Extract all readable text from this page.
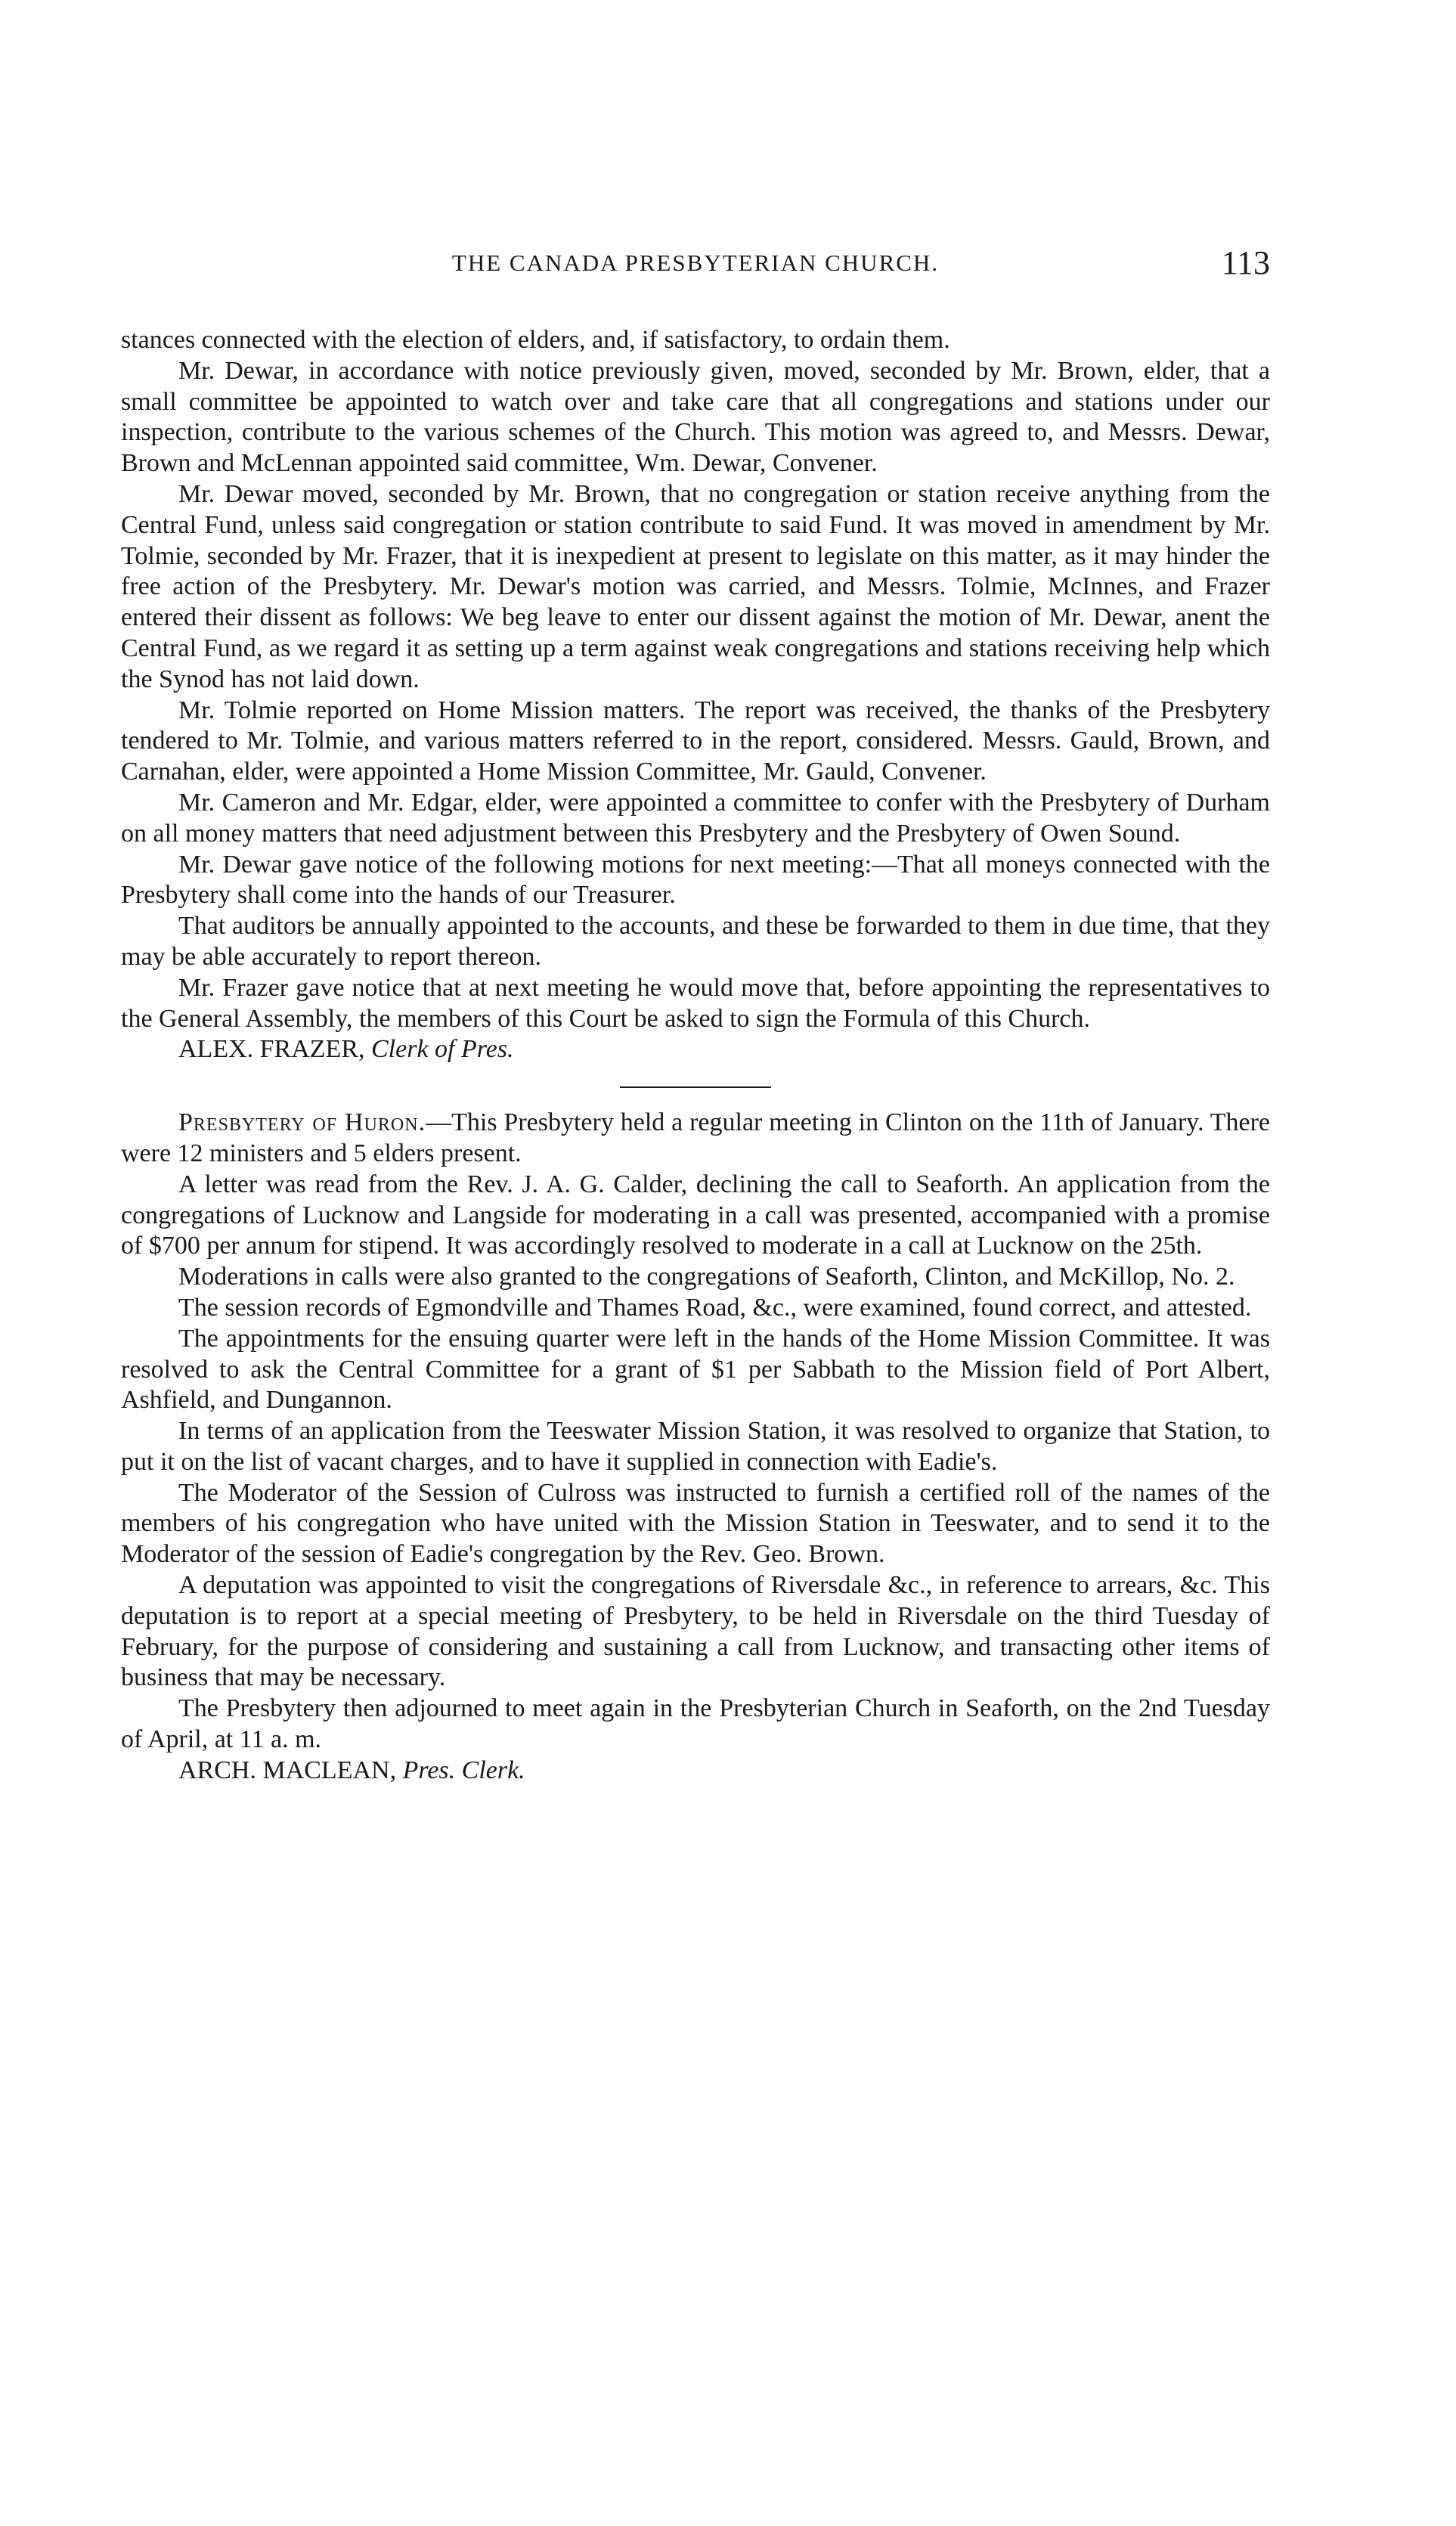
THE CANADA PRESBYTERIAN CHURCH.	113

stances connected with the election of elders, and, if satisfactory, to ordain them.

Mr. Dewar, in accordance with notice previously given, moved, seconded by Mr. Brown, elder, that a small committee be appointed to watch over and take care that all congregations and stations under our inspection, contribute to the various schemes of the Church. This motion was agreed to, and Messrs. Dewar, Brown and McLennan appointed said committee, Wm. Dewar, Convener.

Mr. Dewar moved, seconded by Mr. Brown, that no congregation or station receive anything from the Central Fund, unless said congregation or station contribute to said Fund. It was moved in amendment by Mr. Tolmie, seconded by Mr. Frazer, that it is inexpedient at present to legislate on this matter, as it may hinder the free action of the Presbytery. Mr. Dewar's motion was carried, and Messrs. Tolmie, McInnes, and Frazer entered their dissent as follows: We beg leave to enter our dissent against the motion of Mr. Dewar, anent the Central Fund, as we regard it as setting up a term against weak congregations and stations receiving help which the Synod has not laid down.

Mr. Tolmie reported on Home Mission matters. The report was received, the thanks of the Presbytery tendered to Mr. Tolmie, and various matters referred to in the report, considered. Messrs. Gauld, Brown, and Carnahan, elder, were appointed a Home Mission Committee, Mr. Gauld, Convener.

Mr. Cameron and Mr. Edgar, elder, were appointed a committee to confer with the Presbytery of Durham on all money matters that need adjustment between this Presbytery and the Presbytery of Owen Sound.

Mr. Dewar gave notice of the following motions for next meeting:—That all moneys connected with the Presbytery shall come into the hands of our Treasurer.

That auditors be annually appointed to the accounts, and these be forwarded to them in due time, that they may be able accurately to report thereon.

Mr. Frazer gave notice that at next meeting he would move that, before appointing the representatives to the General Assembly, the members of this Court be asked to sign the Formula of this Church.

ALEX. FRAZER, Clerk of Pres.

Presbytery of Huron.—This Presbytery held a regular meeting in Clinton on the 11th of January. There were 12 ministers and 5 elders present.

A letter was read from the Rev. J. A. G. Calder, declining the call to Seaforth. An application from the congregations of Lucknow and Langside for moderating in a call was presented, accompanied with a promise of $700 per annum for stipend. It was accordingly resolved to moderate in a call at Lucknow on the 25th.

Moderations in calls were also granted to the congregations of Seaforth, Clinton, and McKillop, No. 2.

The session records of Egmondville and Thames Road, &c., were examined, found correct, and attested.

The appointments for the ensuing quarter were left in the hands of the Home Mission Committee. It was resolved to ask the Central Committee for a grant of $1 per Sabbath to the Mission field of Port Albert, Ashfield, and Dungannon.

In terms of an application from the Teeswater Mission Station, it was resolved to organize that Station, to put it on the list of vacant charges, and to have it supplied in connection with Eadie's.

The Moderator of the Session of Culross was instructed to furnish a certified roll of the names of the members of his congregation who have united with the Mission Station in Teeswater, and to send it to the Moderator of the session of Eadie's congregation by the Rev. Geo. Brown.

A deputation was appointed to visit the congregations of Riversdale &c., in reference to arrears, &c. This deputation is to report at a special meeting of Presbytery, to be held in Riversdale on the third Tuesday of February, for the purpose of considering and sustaining a call from Lucknow, and transacting other items of business that may be necessary.

The Presbytery then adjourned to meet again in the Presbyterian Church in Seaforth, on the 2nd Tuesday of April, at 11 a. m.

ARCH. MACLEAN, Pres. Clerk.
